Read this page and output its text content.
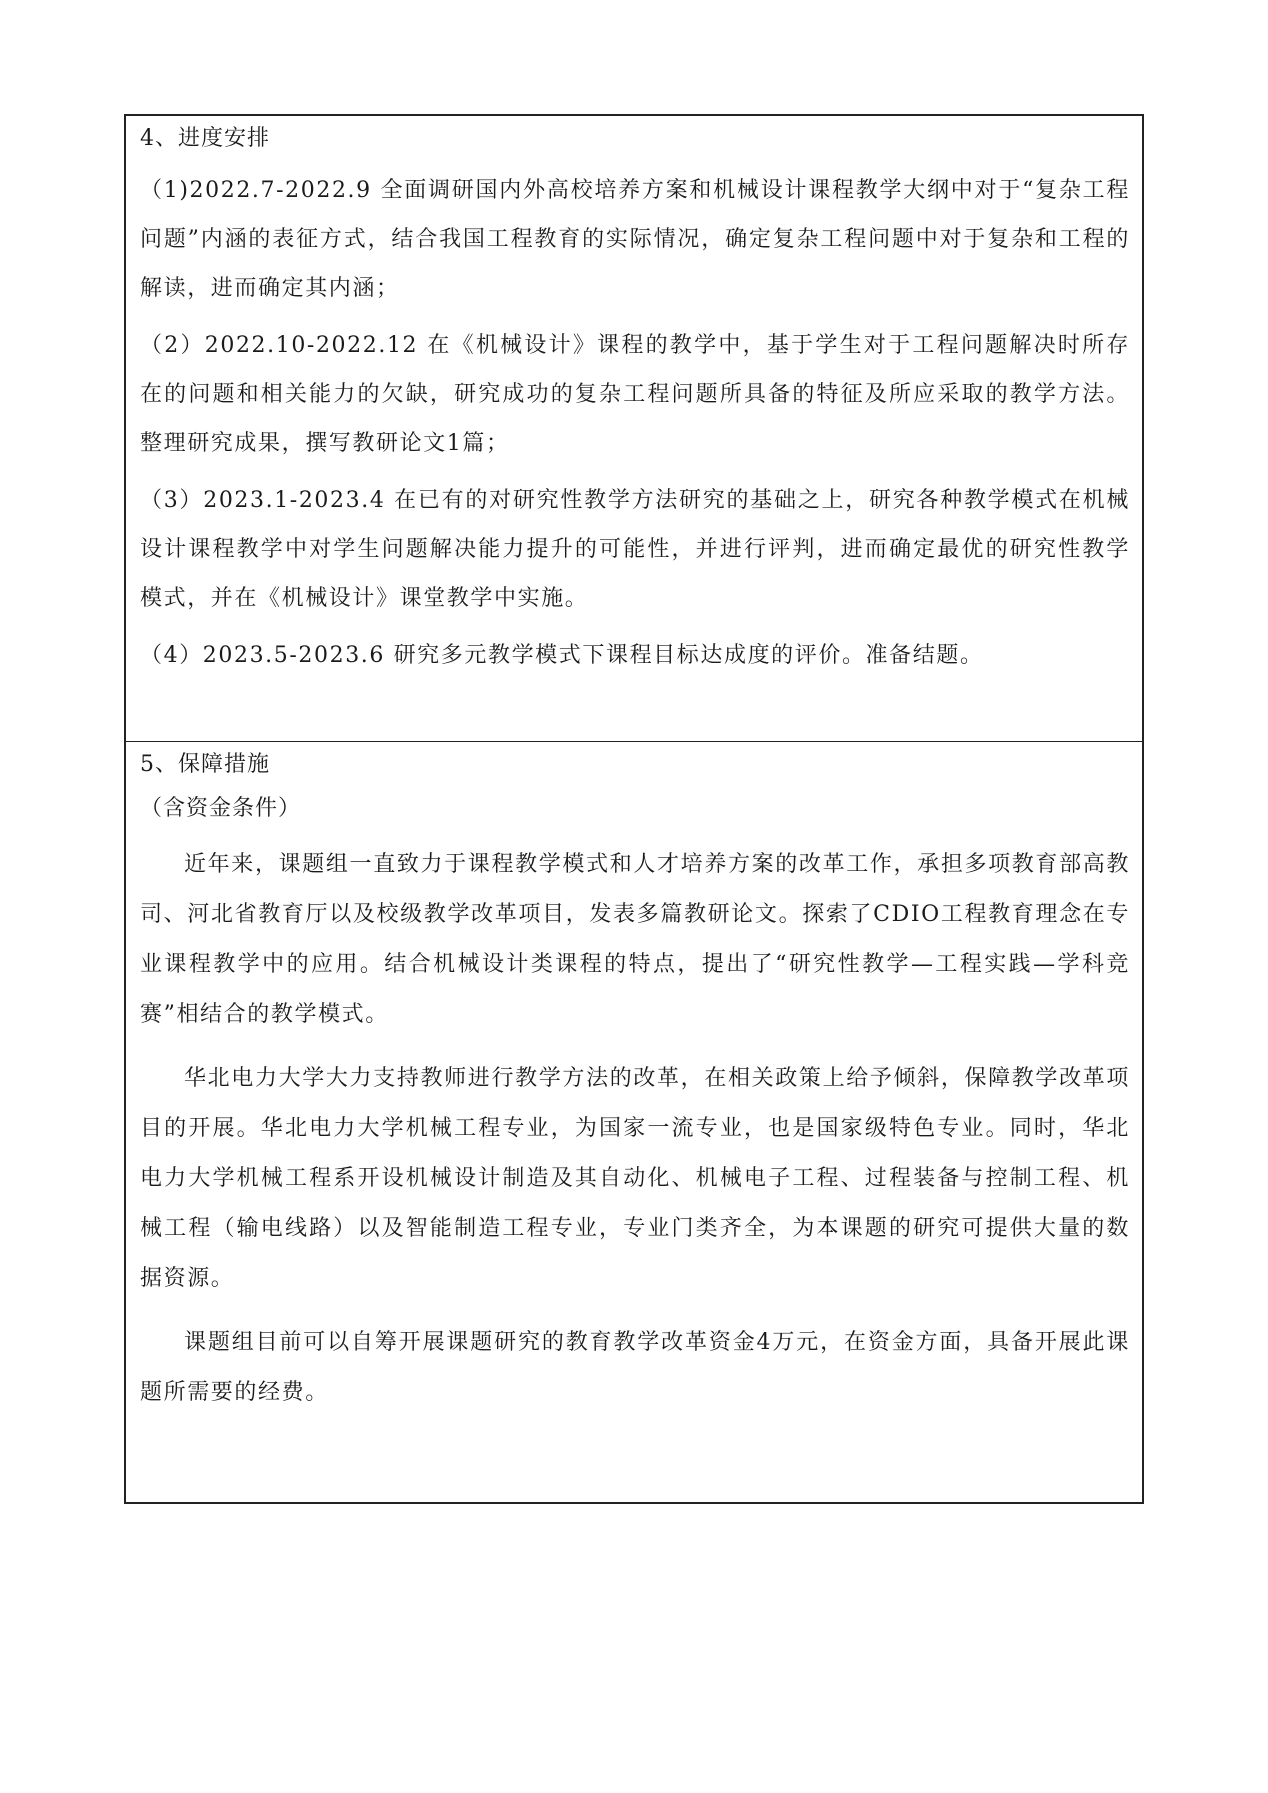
4、进度安排

（1)2022.7-2022.9 全面调研国内外高校培养方案和机械设计课程教学大纲中对于“复杂工程问题”内涵的表征方式，结合我国工程教育的实际情况，确定复杂工程问题中对于复杂和工程的解读，进而确定其内涵；

（2）2022.10-2022.12 在《机械设计》课程的教学中，基于学生对于工程问题解决时所存在的问题和相关能力的欠缺，研究成功的复杂工程问题所具备的特征及所应采取的教学方法。整理研究成果，撰写教研论文1篇；

（3）2023.1-2023.4 在已有的对研究性教学方法研究的基础之上，研究各种教学模式在机械设计课程教学中对学生问题解决能力提升的可能性，并进行评判，进而确定最优的研究性教学模式，并在《机械设计》课堂教学中实施。

（4）2023.5-2023.6 研究多元教学模式下课程目标达成度的评价。准备结题。

5、保障措施

（含资金条件）

近年来，课题组一直致力于课程教学模式和人才培养方案的改革工作，承担多项教育部高教司、河北省教育厅以及校级教学改革项目，发表多篇教研论文。探索了CDIO工程教育理念在专业课程教学中的应用。结合机械设计类课程的特点，提出了“研究性教学—工程实践—学科竞赛”相结合的教学模式。

华北电力大学大力支持教师进行教学方法的改革，在相关政策上给予倾斜，保障教学改革项目的开展。华北电力大学机械工程专业，为国家一流专业，也是国家级特色专业。同时，华北电力大学机械工程系开设机械设计制造及其自动化、机械电子工程、过程装备与控制工程、机械工程（输电线路）以及智能制造工程专业，专业门类齐全，为本课题的研究可提供大量的数据资源。

课题组目前可以自筹开展课题研究的教育教学改革资金4万元，在资金方面，具备开展此课题所需要的经费。
